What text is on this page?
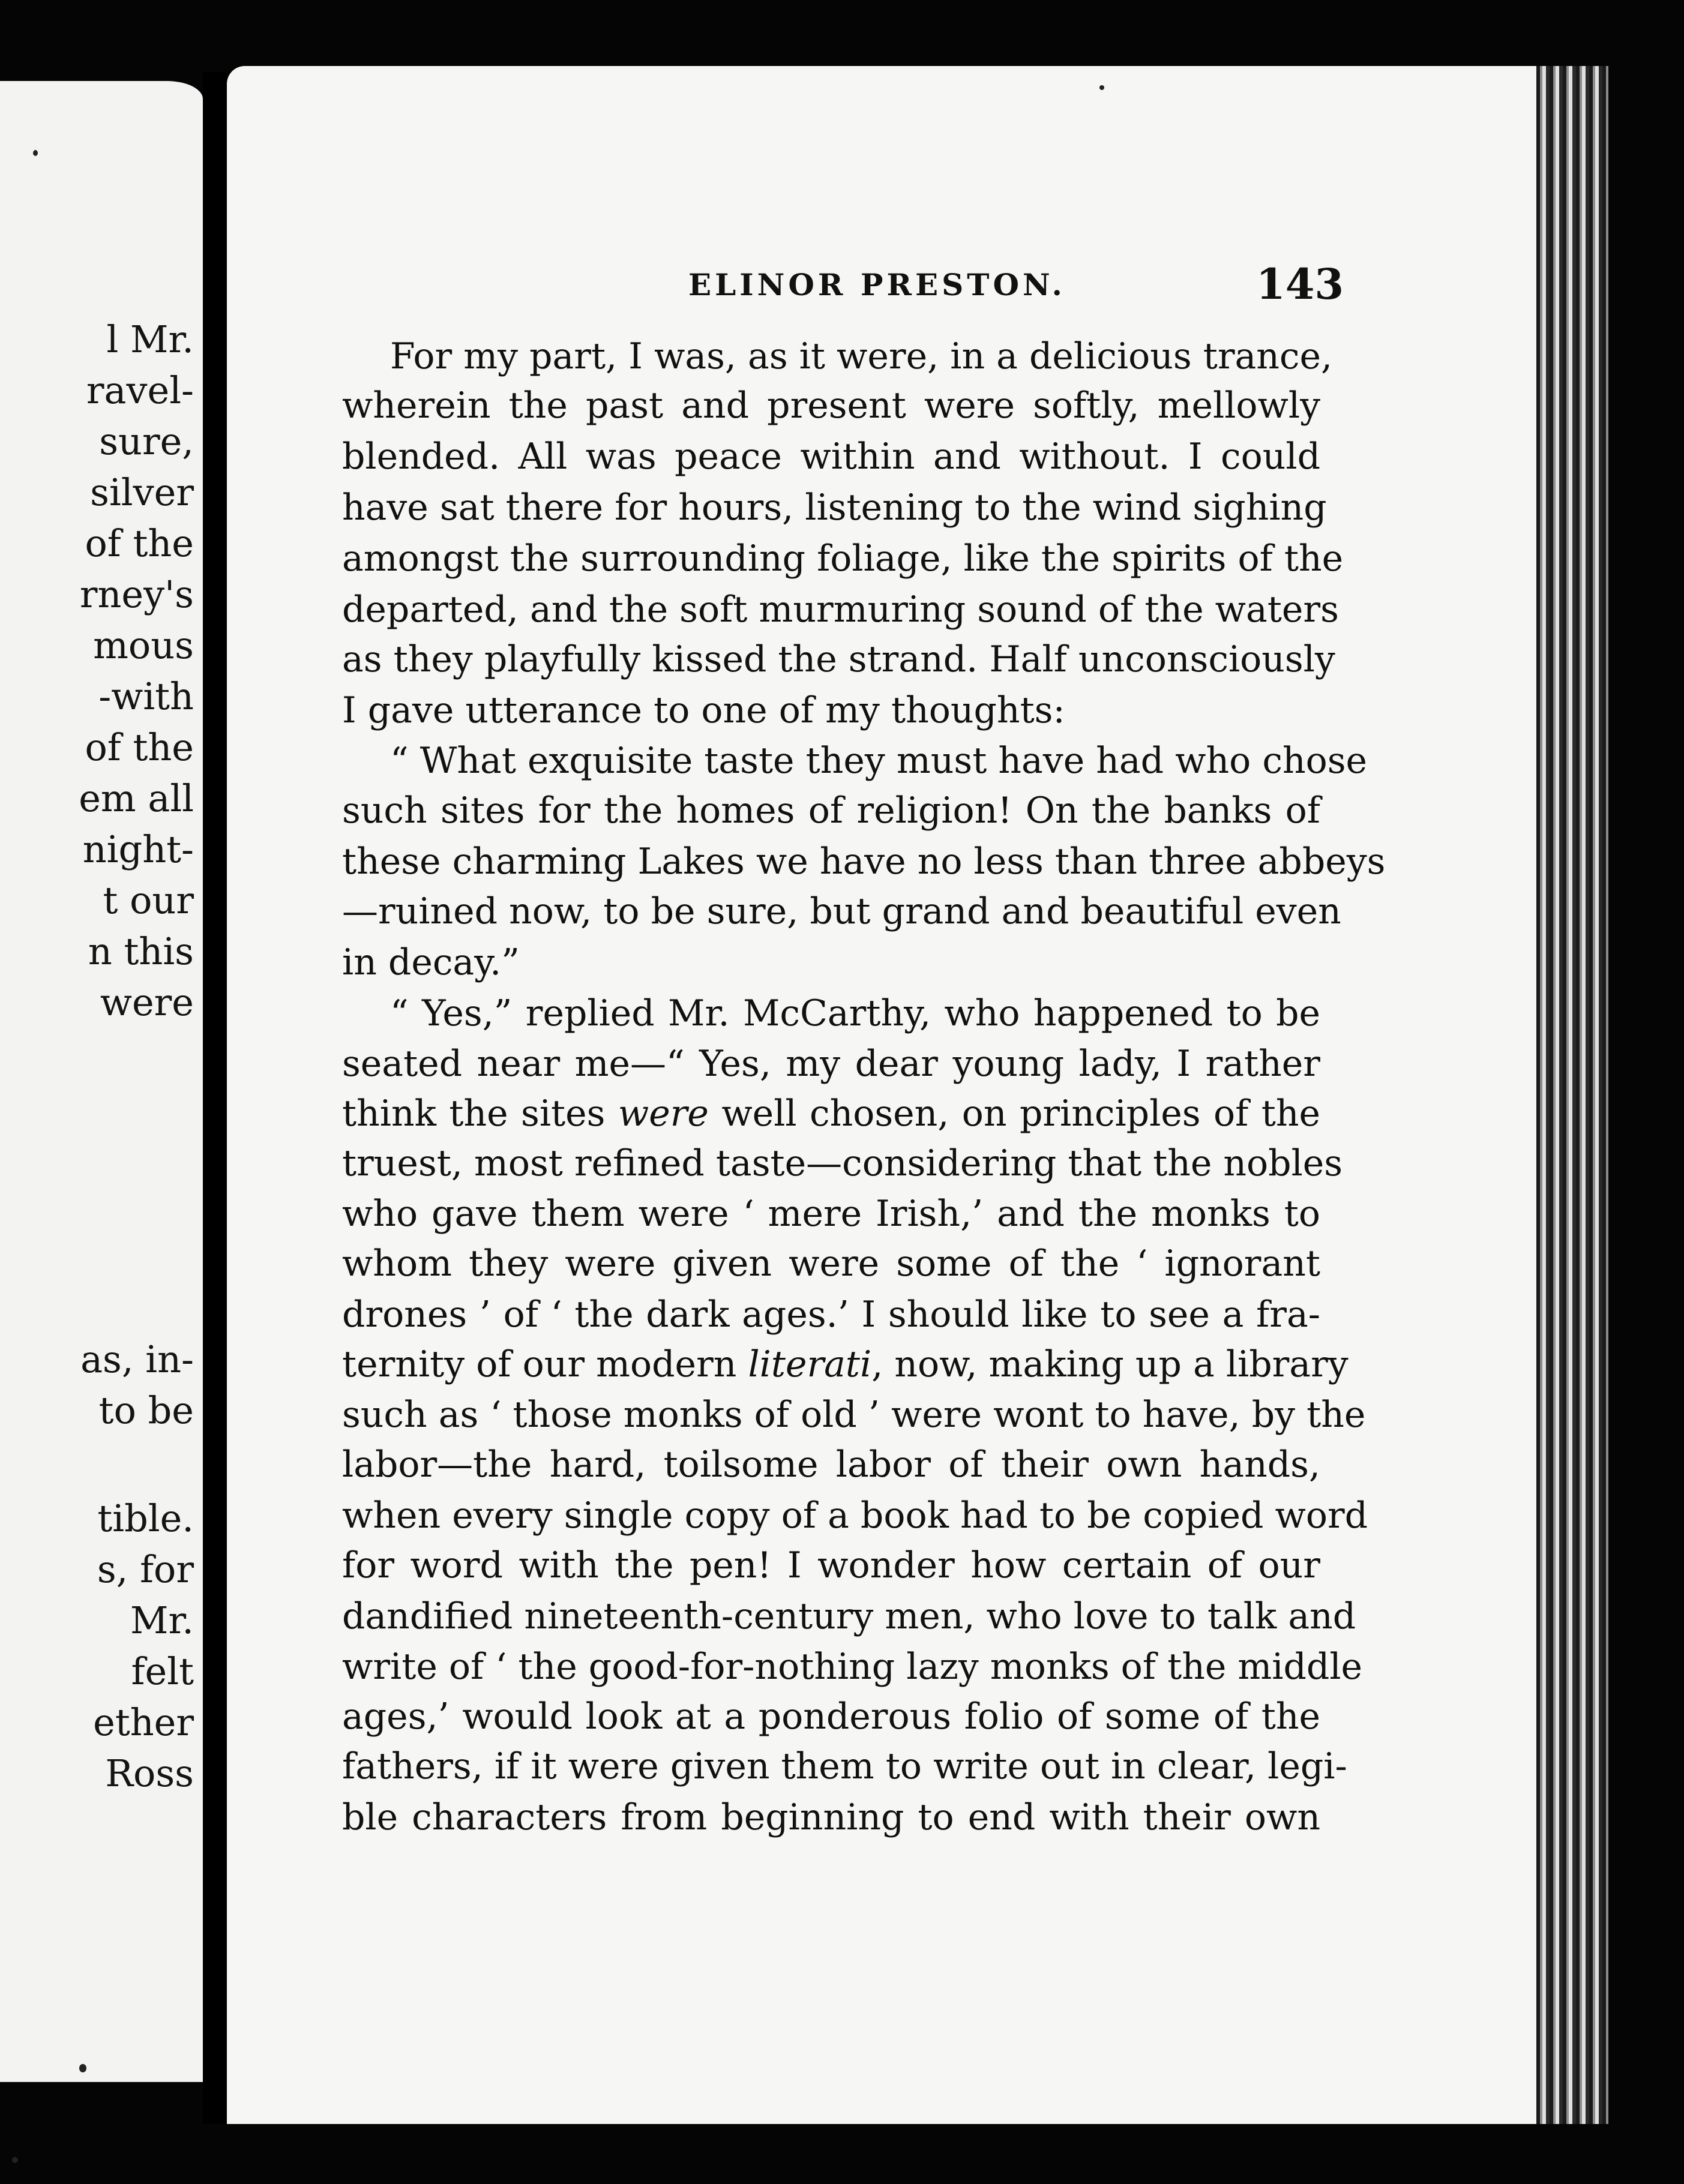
l Mr.
ravel-
sure,
silver
of the
rney's
mous
-with
of the
em all
night-
t our
n this
were
as, in-
to be
tible.
s, for
Mr.
felt
ether
Ross
ELINOR PRESTON.	143
For my part, I was, as it were, in a delicious trance,
wherein the past and present were softly, mellowly
blended. All was peace within and without. I could
have sat there for hours, listening to the wind sighing
amongst the surrounding foliage, like the spirits of the
departed, and the soft murmuring sound of the waters
as they playfully kissed the strand. Half unconsciously
I gave utterance to one of my thoughts:
“ What exquisite taste they must have had who chose
such sites for the homes of religion! On the banks of
these charming Lakes we have no less than three abbeys
—ruined now, to be sure, but grand and beautiful even
in decay.”
“ Yes,” replied Mr. McCarthy, who happened to be
seated near me—“ Yes, my dear young lady, I rather
think the sites were well chosen, on principles of the
truest, most refined taste—considering that the nobles
who gave them were ‘ mere Irish,’ and the monks to
whom they were given were some of the ‘ ignorant
drones ’ of ‘ the dark ages.’ I should like to see a fra-
ternity of our modern literati, now, making up a library
such as ‘ those monks of old ’ were wont to have, by the
labor—the hard, toilsome labor of their own hands,
when every single copy of a book had to be copied word
for word with the pen! I wonder how certain of our
dandified nineteenth-century men, who love to talk and
write of ‘ the good-for-nothing lazy monks of the middle
ages,’ would look at a ponderous folio of some of the
fathers, if it were given them to write out in clear, legi-
ble characters from beginning to end with their own
